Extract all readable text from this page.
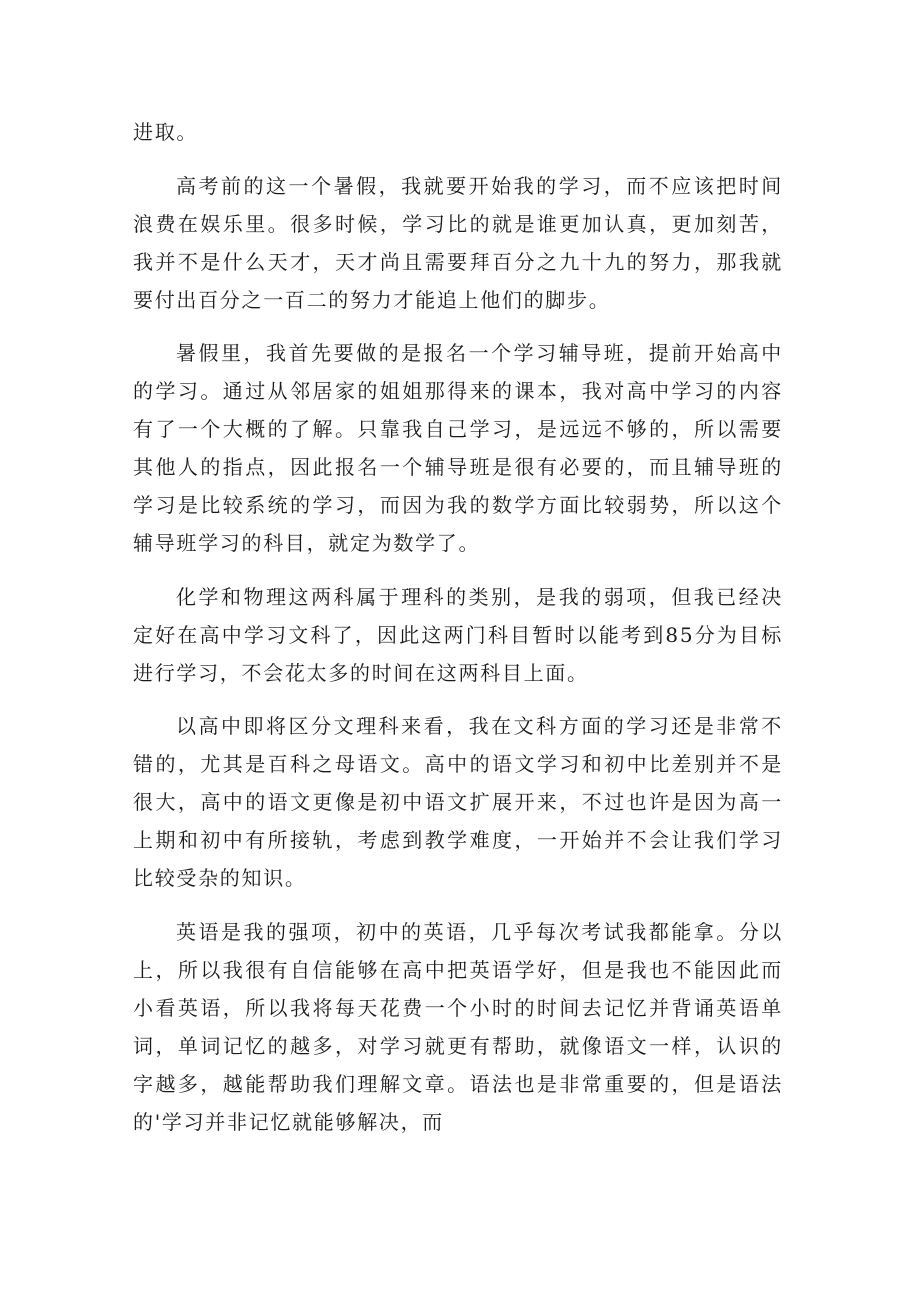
进取。

高考前的这一个暑假，我就要开始我的学习，而不应该把时间浪费在娱乐里。很多时候，学习比的就是谁更加认真，更加刻苦，我并不是什么天才，天才尚且需要拜百分之九十九的努力，那我就要付出百分之一百二的努力才能追上他们的脚步。

暑假里，我首先要做的是报名一个学习辅导班，提前开始高中的学习。通过从邻居家的姐姐那得来的课本，我对高中学习的内容有了一个大概的了解。只靠我自己学习，是远远不够的，所以需要其他人的指点，因此报名一个辅导班是很有必要的，而且辅导班的学习是比较系统的学习，而因为我的数学方面比较弱势，所以这个辅导班学习的科目，就定为数学了。

化学和物理这两科属于理科的类别，是我的弱项，但我已经决定好在高中学习文科了，因此这两门科目暂时以能考到85分为目标进行学习，不会花太多的时间在这两科目上面。

以高中即将区分文理科来看，我在文科方面的学习还是非常不错的，尤其是百科之母语文。高中的语文学习和初中比差别并不是很大，高中的语文更像是初中语文扩展开来，不过也许是因为高一上期和初中有所接轨，考虑到教学难度，一开始并不会让我们学习比较受杂的知识。

英语是我的强项，初中的英语，几乎每次考试我都能拿。分以上，所以我很有自信能够在高中把英语学好，但是我也不能因此而小看英语，所以我将每天花费一个小时的时间去记忆并背诵英语单词，单词记忆的越多，对学习就更有帮助，就像语文一样，认识的字越多，越能帮助我们理解文章。语法也是非常重要的，但是语法的'学习并非记忆就能够解决，而
